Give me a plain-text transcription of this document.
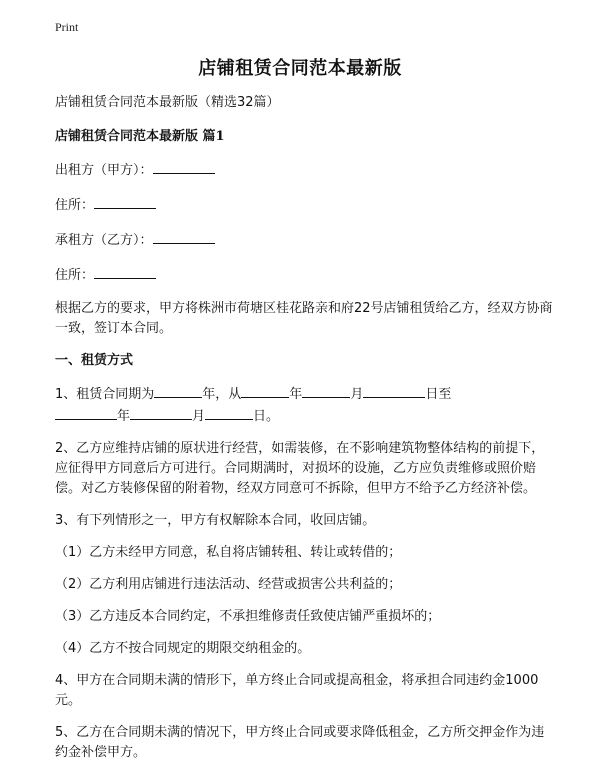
Print
店铺租赁合同范本最新版

店铺租赁合同范本最新版（精选32篇）

店铺租赁合同范本最新版 篇1

出租方（甲方）：

住所：

承租方（乙方）：

住所：

根据乙方的要求，甲方将株洲市荷塘区桂花路亲和府22号店铺租赁给乙方，经双方协商一致，签订本合同。

一、租赁方式

1、租赁合同期为	年，从	年	月	日至
年	月	日。

2、乙方应维持店铺的原状进行经营，如需装修，在不影响建筑物整体结构的前提下，应征得甲方同意后方可进行。合同期满时，对损坏的设施，乙方应负责维修或照价赔偿。对乙方装修保留的附着物，经双方同意可不拆除，但甲方不给予乙方经济补偿。

3、有下列情形之一，甲方有权解除本合同，收回店铺。

（1）乙方未经甲方同意，私自将店铺转租、转让或转借的；

（2）乙方利用店铺进行违法活动、经营或损害公共利益的；

（3）乙方违反本合同约定，不承担维修责任致使店铺严重损坏的；

（4）乙方不按合同规定的期限交纳租金的。

4、甲方在合同期未满的情形下，单方终止合同或提高租金，将承担合同违约金1000元。

5、乙方在合同期未满的情况下，甲方终止合同或要求降低租金，乙方所交押金作为违约金补偿甲方。
